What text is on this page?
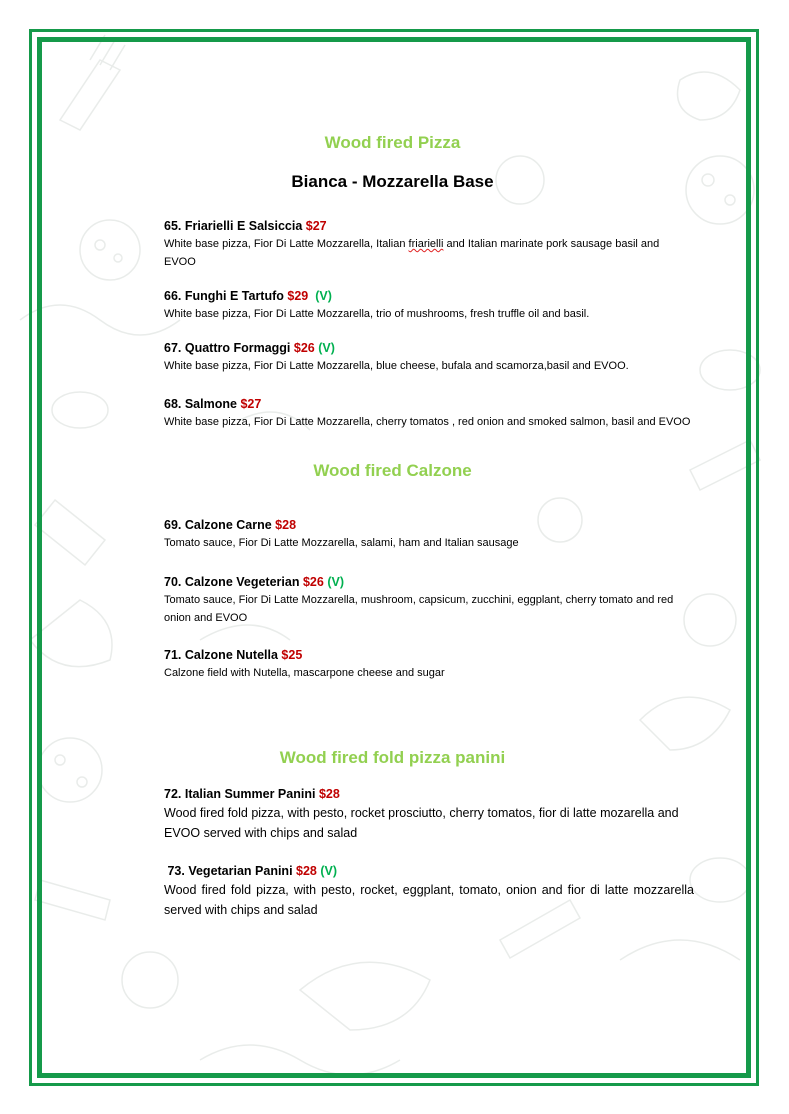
Wood fired Pizza
Bianca - Mozzarella Base
65. Friarielli E Salsiccia $27
White base pizza, Fior Di Latte Mozzarella, Italian friarielli and Italian marinate pork sausage basil and EVOO
66. Funghi E Tartufo $29 (V)
White base pizza, Fior Di Latte Mozzarella, trio of mushrooms, fresh truffle oil and basil.
67. Quattro Formaggi $26 (V)
White base pizza, Fior Di Latte Mozzarella, blue cheese, bufala and scamorza,basil and EVOO.
68. Salmone $27
White base pizza, Fior Di Latte Mozzarella, cherry tomatos , red onion and smoked salmon, basil and EVOO
Wood fired Calzone
69. Calzone Carne $28
Tomato sauce, Fior Di Latte Mozzarella, salami, ham and Italian sausage
70. Calzone Vegeterian $26 (V)
Tomato sauce, Fior Di Latte Mozzarella, mushroom, capsicum, zucchini, eggplant, cherry tomato and red onion and EVOO
71. Calzone Nutella $25
Calzone field with Nutella, mascarpone cheese and sugar
Wood fired fold pizza panini
72. Italian Summer Panini $28
Wood fired fold pizza, with pesto, rocket prosciutto, cherry tomatos, fior di latte mozarella and EVOO served with chips and salad
73. Vegetarian Panini $28 (V)
Wood fired fold pizza, with pesto, rocket, eggplant, tomato, onion and fior di latte mozzarella served with chips and salad
